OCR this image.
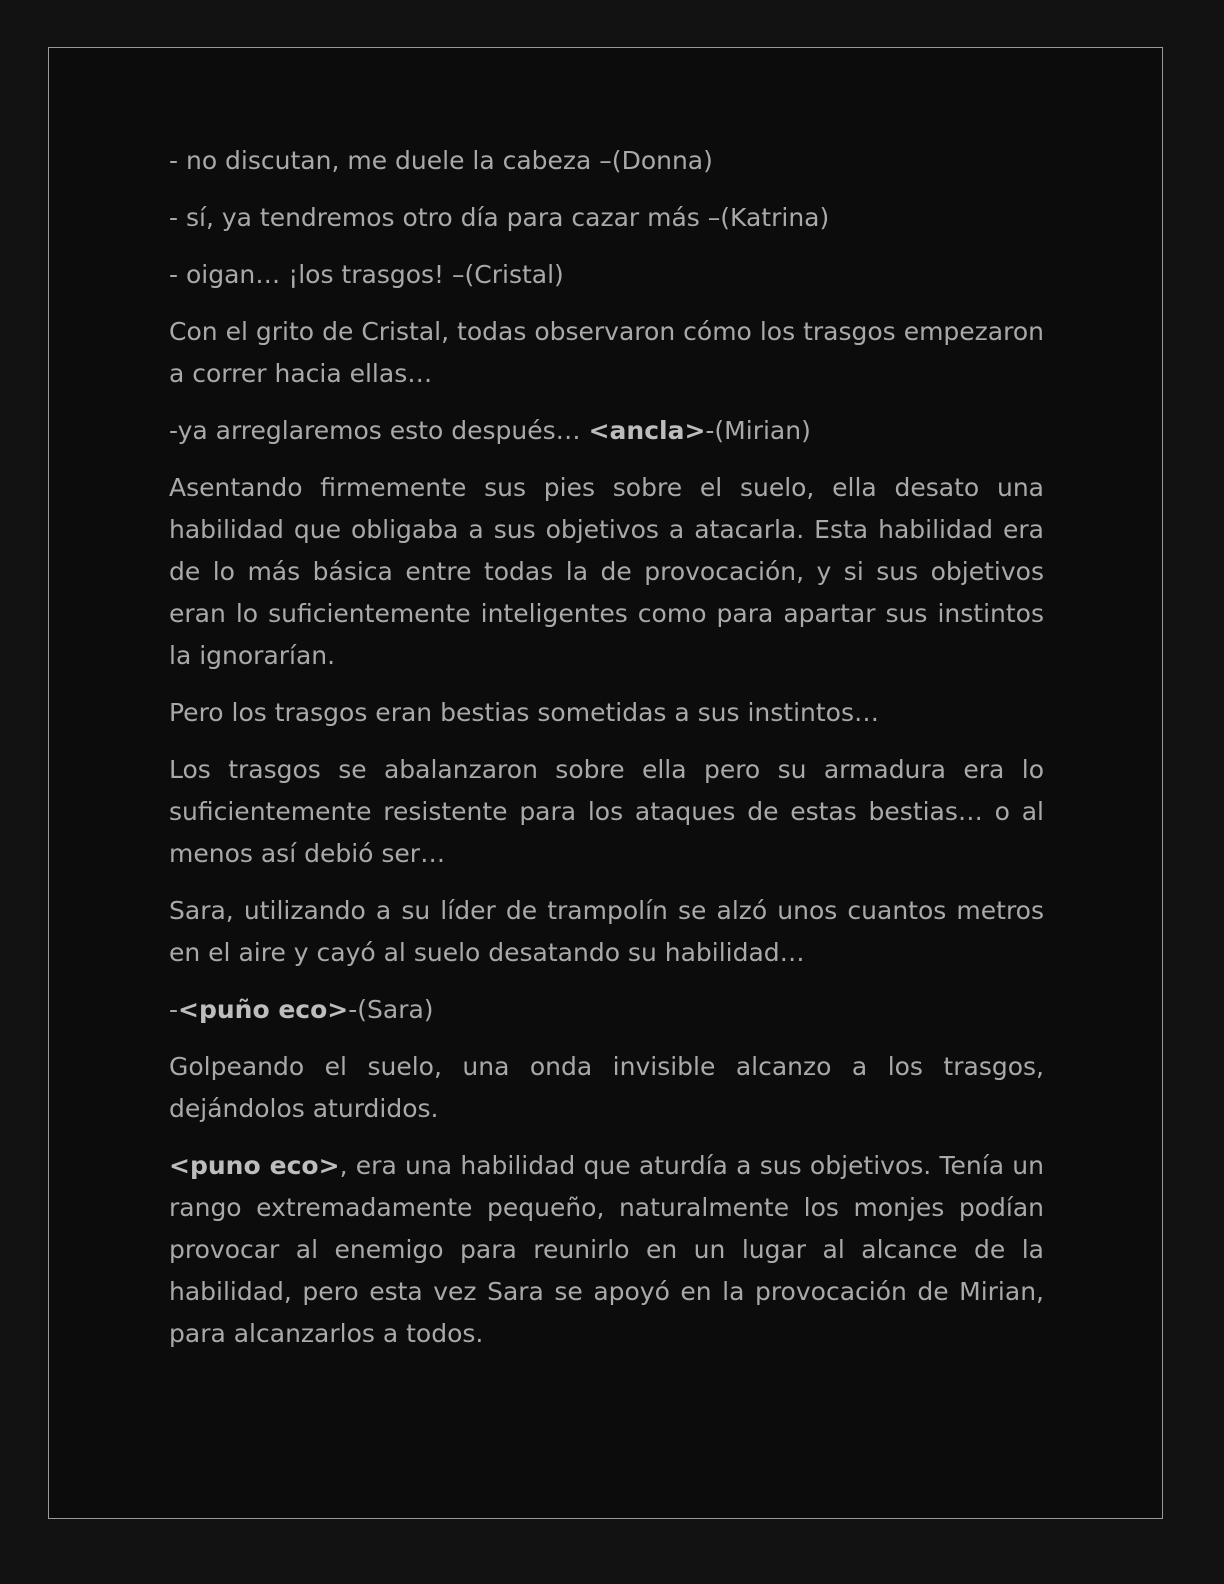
- no discutan, me duele la cabeza –(Donna)

- sí, ya tendremos otro día para cazar más –(Katrina)

- oigan… ¡los trasgos! –(Cristal)

Con el grito de Cristal, todas observaron cómo los trasgos empezaron a correr hacia ellas…

-ya arreglaremos esto después… <ancla>-(Mirian)

Asentando firmemente sus pies sobre el suelo, ella desato una habilidad que obligaba a sus objetivos a atacarla. Esta habilidad era de lo más básica entre todas la de provocación, y si sus objetivos eran lo suficientemente inteligentes como para apartar sus instintos la ignorarían.

Pero los trasgos eran bestias sometidas a sus instintos…

Los trasgos se abalanzaron sobre ella pero su armadura era lo suficientemente resistente para los ataques de estas bestias… o al menos así debió ser…

Sara, utilizando a su líder de trampolín se alzó unos cuantos metros en el aire y cayó al suelo desatando su habilidad…

-<puño eco>-(Sara)

Golpeando el suelo, una onda invisible alcanzo a los trasgos, dejándolos aturdidos.

<puno eco>, era una habilidad que aturdía a sus objetivos. Tenía un rango extremadamente pequeño, naturalmente los monjes podían provocar al enemigo para reunirlo en un lugar al alcance de la habilidad, pero esta vez Sara se apoyó en la provocación de Mirian, para alcanzarlos a todos.
